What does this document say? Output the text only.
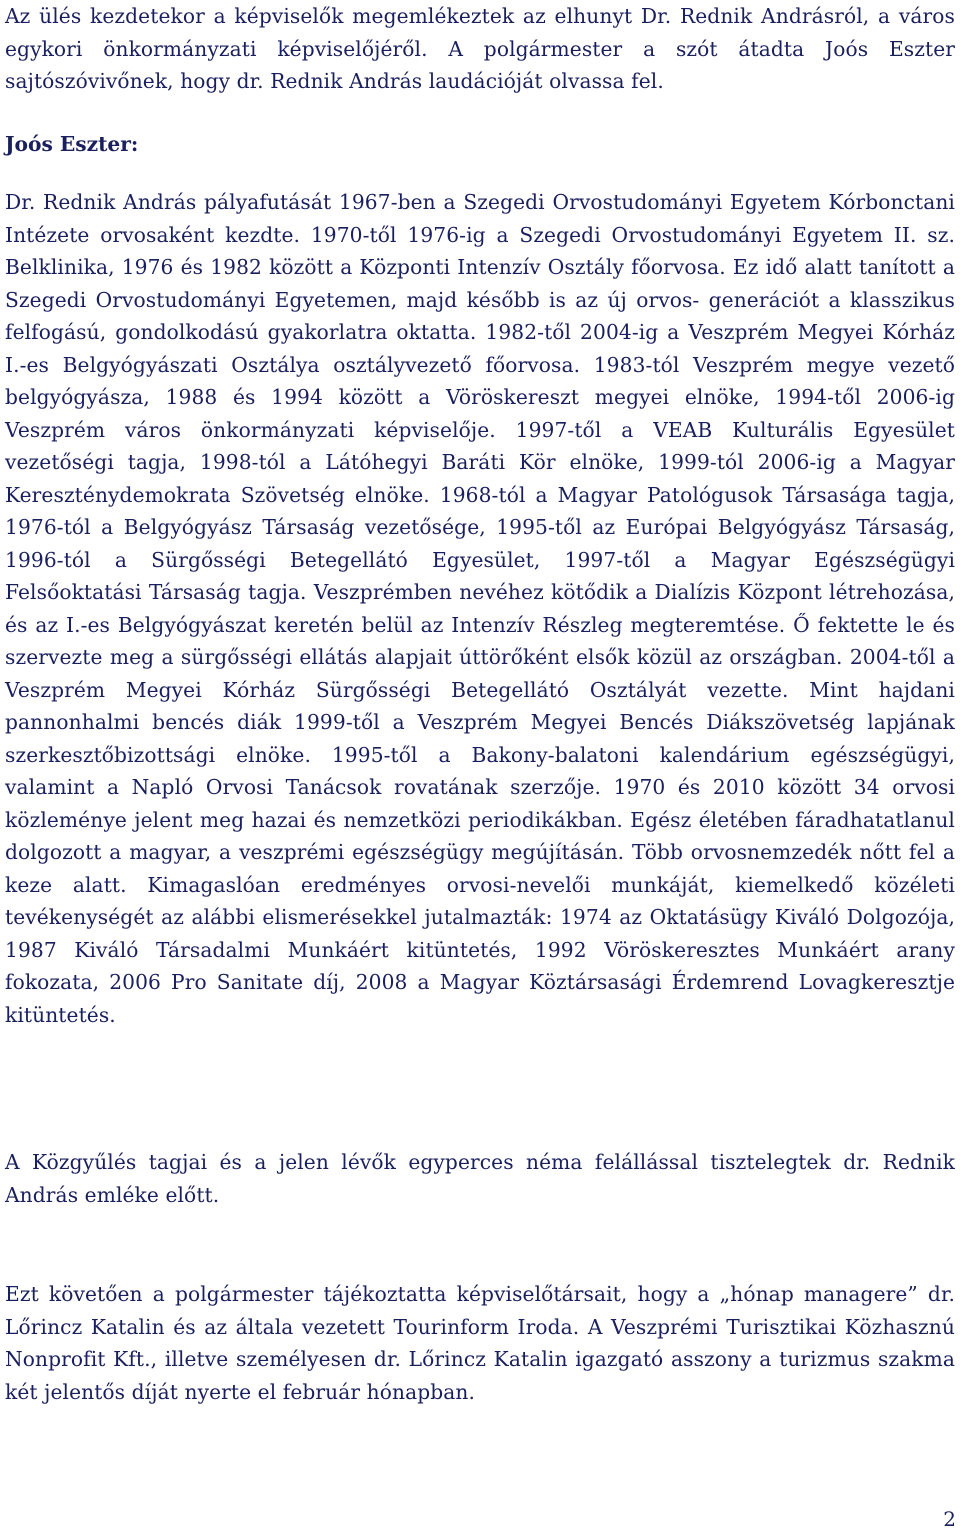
Az ülés kezdetekor a képviselők megemlékeztek az elhunyt Dr. Rednik Andrásról, a város egykori önkormányzati képviselőjéről. A polgármester a szót átadta Joós Eszter sajtószóvivőnek, hogy dr. Rednik András laudációját olvassa fel.

Joós Eszter:

Dr. Rednik András pályafutását 1967-ben a Szegedi Orvostudományi Egyetem Kórbonctani Intézete orvosaként kezdte. 1970-től 1976-ig a Szegedi Orvostudományi Egyetem II. sz. Belklinika, 1976 és 1982 között a Központi Intenzív Osztály főorvosa. Ez idő alatt tanított a Szegedi Orvostudományi Egyetemen, majd később is az új orvos- generációt a klasszikus felfogású, gondolkodású gyakorlatra oktatta. 1982-től 2004-ig a Veszprém Megyei Kórház I.-es Belgyógyászati Osztálya osztályvezető főorvosa. 1983-tól Veszprém megye vezető belgyógyásza, 1988 és 1994 között a Vöröskereszt megyei elnöke, 1994-től 2006-ig Veszprém város önkormányzati képviselője. 1997-től a VEAB Kulturális Egyesület vezetőségi tagja, 1998-tól a Látóhegyi Baráti Kör elnöke, 1999-tól 2006-ig a Magyar Kereszténydemokrata Szövetség elnöke. 1968-tól a Magyar Patológusok Társasága tagja, 1976-tól a Belgyógyász Társaság vezetősége, 1995-től az Európai Belgyógyász Társaság, 1996-tól a Sürgősségi Betegellátó Egyesület, 1997-től a Magyar Egészségügyi Felsőoktatási Társaság tagja. Veszprémben nevéhez kötődik a Dialízis Központ létrehozása, és az I.-es Belgyógyászat keretén belül az Intenzív Részleg megteremtése. Ő fektette le és szervezte meg a sürgősségi ellátás alapjait úttörőként elsők közül az országban. 2004-től a Veszprém Megyei Kórház Sürgősségi Betegellátó Osztályát vezette. Mint hajdani pannonhalmi bencés diák 1999-től a Veszprém Megyei Bencés Diákszövetség lapjának szerkesztőbizottsági elnöke. 1995-től a Bakony-balatoni kalendárium egészségügyi, valamint a Napló Orvosi Tanácsok rovatának szerzője. 1970 és 2010 között 34 orvosi közleménye jelent meg hazai és nemzetközi periodikákban. Egész életében fáradhatatlanul dolgozott a magyar, a veszprémi egészségügy megújításán. Több orvosnemzedék nőtt fel a keze alatt. Kimagaslóan eredményes orvosi-nevelői munkáját, kiemelkedő közéleti tevékenységét az alábbi elismerésekkel jutalmazták: 1974 az Oktatásügy Kiváló Dolgozója, 1987 Kiváló Társadalmi Munkáért kitüntetés, 1992 Vöröskeresztes Munkáért arany fokozata, 2006 Pro Sanitate díj, 2008 a Magyar Köztársasági Érdemrend Lovagkeresztje kitüntetés.

A Közgyűlés tagjai és a jelen lévők egyperces néma felállással tisztelegtek dr. Rednik András emléke előtt.

Ezt követően a polgármester tájékoztatta képviselőtársait, hogy a „hónap managere” dr. Lőrincz Katalin és az általa vezetett Tourinform Iroda. A Veszprémi Turisztikai Közhasznú Nonprofit Kft., illetve személyesen dr. Lőrincz Katalin igazgató asszony a turizmus szakma két jelentős díját nyerte el február hónapban.

2
